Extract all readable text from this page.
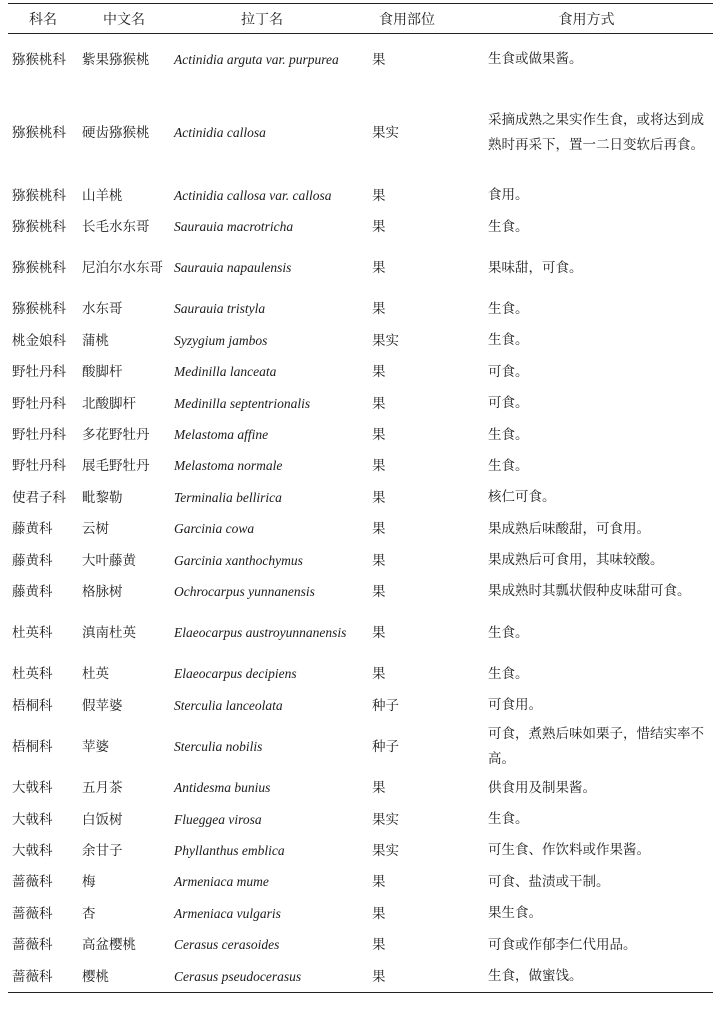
科名	中文名	拉丁名	食用部位	食用方式
猕猴桃科	紫果猕猴桃	Actinidia arguta var. purpurea	果	生食或做果酱。
猕猴桃科	硬齿猕猴桃	Actinidia callosa	果实	采摘成熟之果实作生食，或将达到成熟时再采下，置一二日变软后再食。
猕猴桃科	山羊桃	Actinidia callosa var. callosa	果	食用。
猕猴桃科	长毛水东哥	Saurauia macrotricha	果	生食。
猕猴桃科	尼泊尔水东哥	Saurauia napaulensis	果	果味甜，可食。
猕猴桃科	水东哥	Saurauia tristyla	果	生食。
桃金娘科	蒲桃	Syzygium jambos	果实	生食。
野牡丹科	酸脚杆	Medinilla lanceata	果	可食。
野牡丹科	北酸脚杆	Medinilla septentrionalis	果	可食。
野牡丹科	多花野牡丹	Melastoma affine	果	生食。
野牡丹科	展毛野牡丹	Melastoma normale	果	生食。
使君子科	毗黎勒	Terminalia bellirica	果	核仁可食。
藤黄科	云树	Garcinia cowa	果	果成熟后味酸甜，可食用。
藤黄科	大叶藤黄	Garcinia xanthochymus	果	果成熟后可食用，其味较酸。
藤黄科	格脉树	Ochrocarpus yunnanensis	果	果成熟时其瓢状假种皮味甜可食。
杜英科	滇南杜英	Elaeocarpus austroyunnanensis	果	生食。
杜英科	杜英	Elaeocarpus decipiens	果	生食。
梧桐科	假苹婆	Sterculia lanceolata	种子	可食用。
梧桐科	苹婆	Sterculia nobilis	种子	可食，煮熟后味如栗子，惜结实率不高。
大戟科	五月茶	Antidesma bunius	果	供食用及制果酱。
大戟科	白饭树	Flueggea virosa	果实	生食。
大戟科	余甘子	Phyllanthus emblica	果实	可生食、作饮料或作果酱。
蔷薇科	梅	Armeniaca mume	果	可食、盐渍或干制。
蔷薇科	杏	Armeniaca vulgaris	果	果生食。
蔷薇科	高盆樱桃	Cerasus cerasoides	果	可食或作郁李仁代用品。
蔷薇科	樱桃	Cerasus pseudocerasus	果	生食，做蜜饯。
